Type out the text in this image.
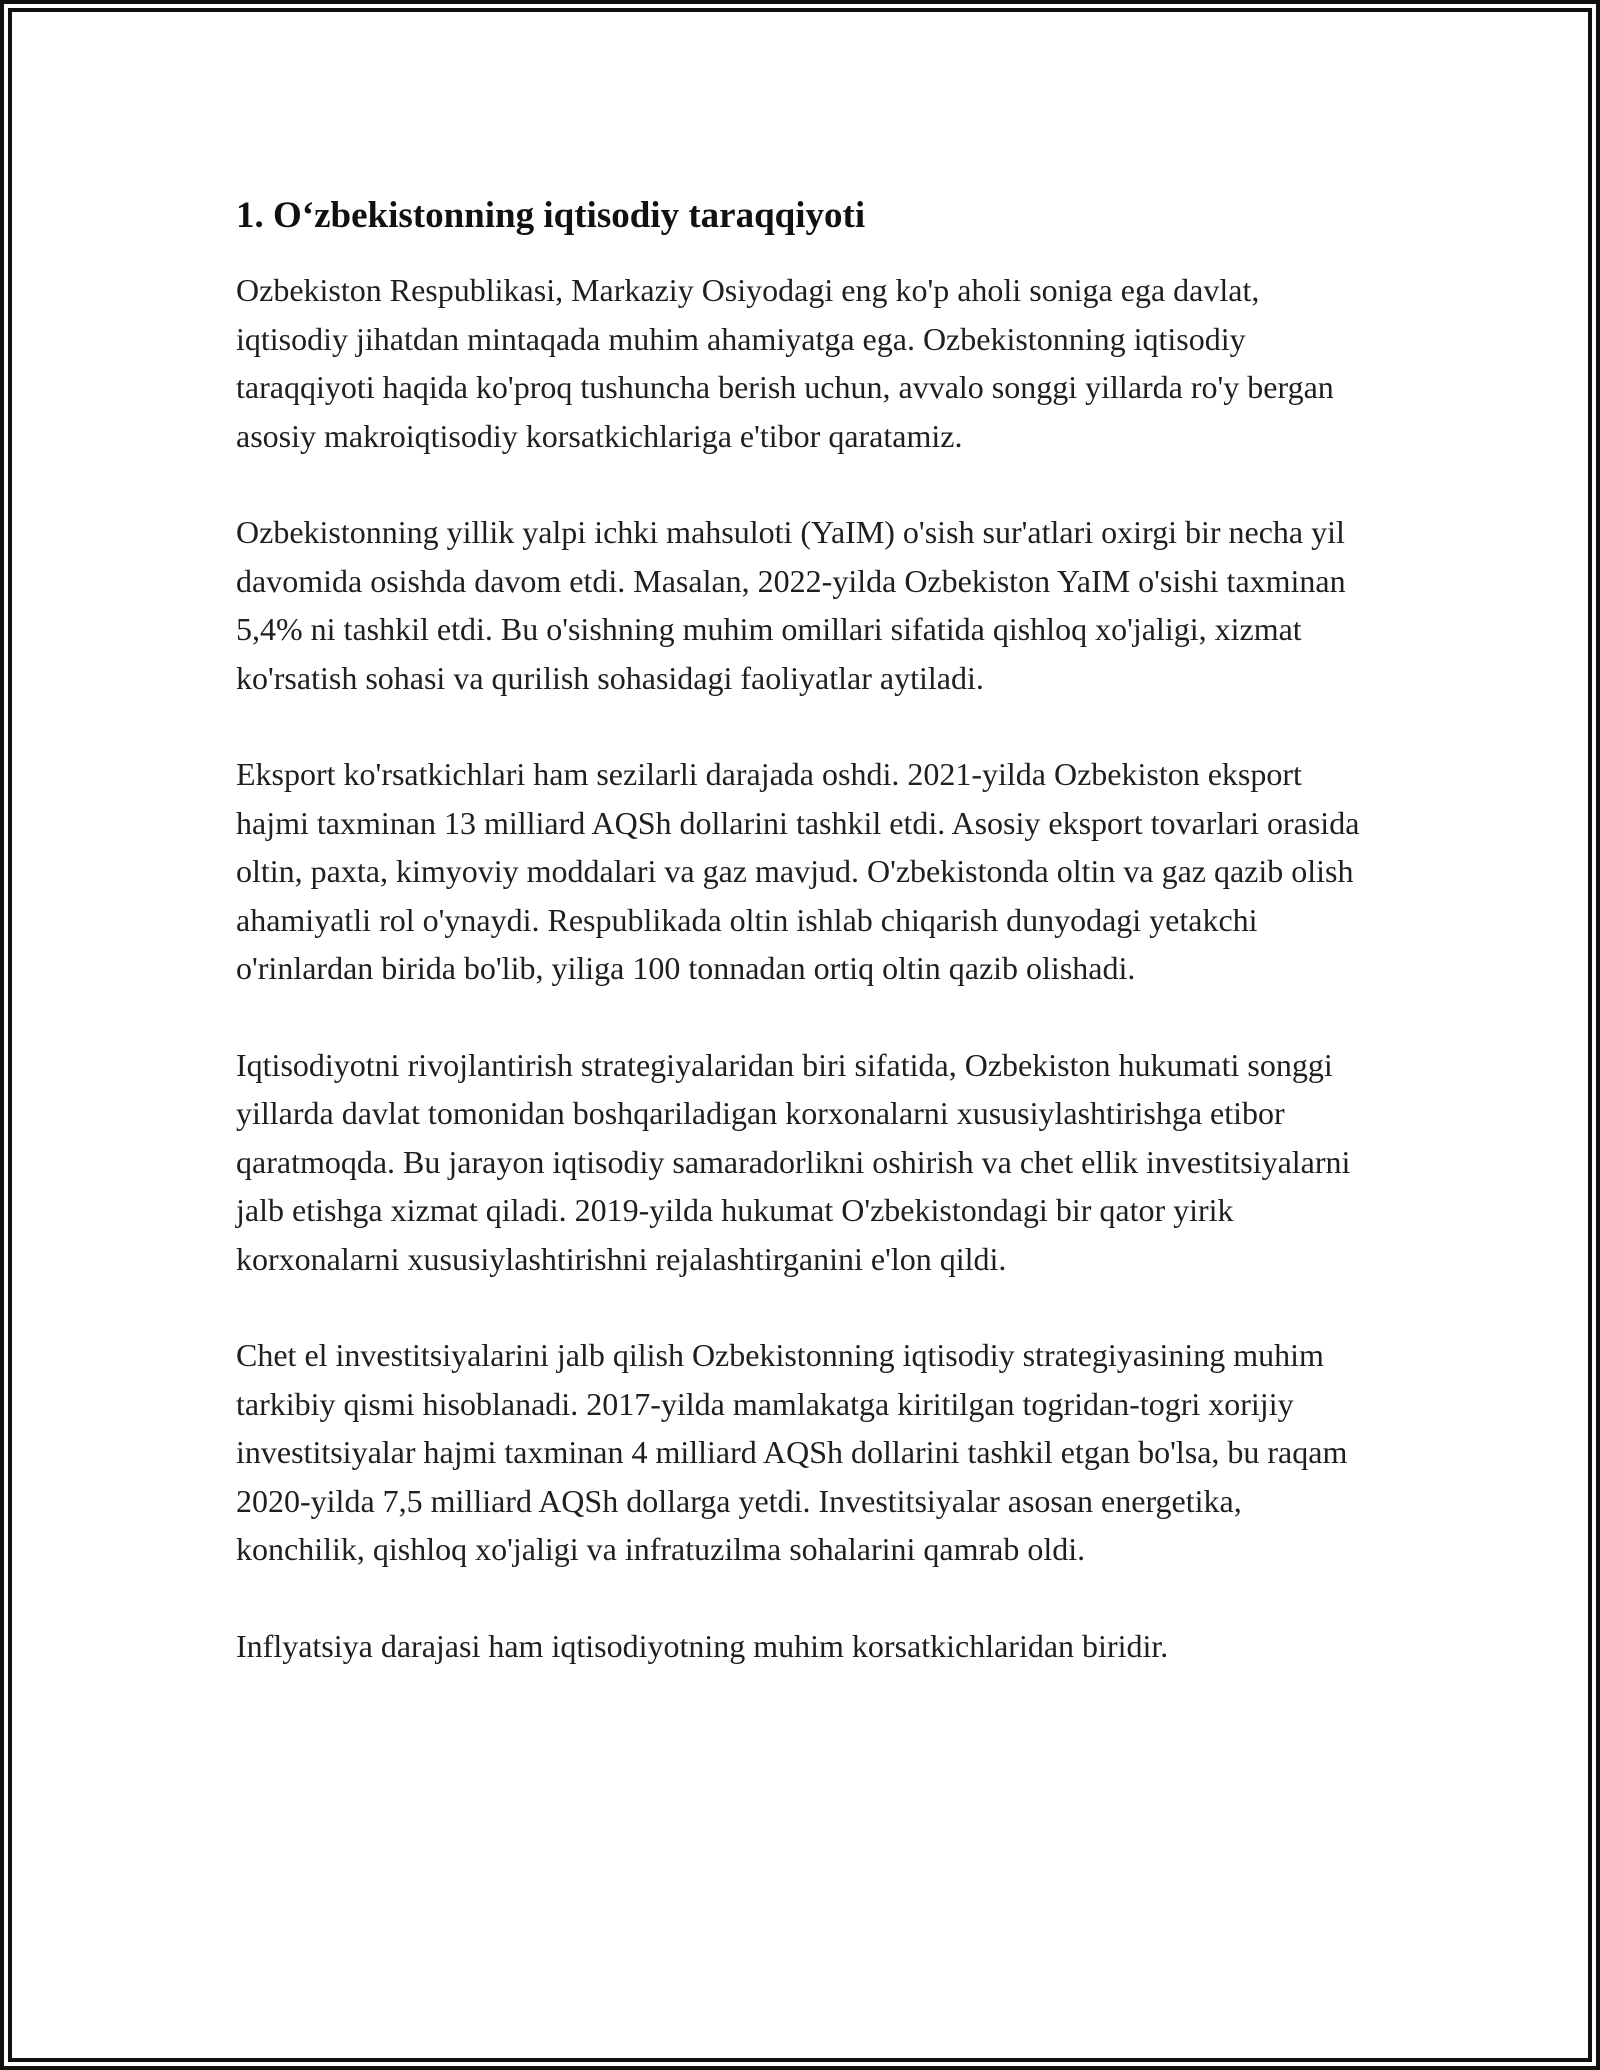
1. O‘zbekistonning iqtisodiy taraqqiyoti

Ozbekiston Respublikasi, Markaziy Osiyodagi eng ko'p aholi soniga ega davlat, iqtisodiy jihatdan mintaqada muhim ahamiyatga ega. Ozbekistonning iqtisodiy taraqqiyoti haqida ko'proq tushuncha berish uchun, avvalo songgi yillarda ro'y bergan asosiy makroiqtisodiy korsatkichlariga e'tibor qaratamiz.

Ozbekistonning yillik yalpi ichki mahsuloti (YaIM) o'sish sur'atlari oxirgi bir necha yil davomida osishda davom etdi. Masalan, 2022-yilda Ozbekiston YaIM o'sishi taxminan 5,4% ni tashkil etdi. Bu o'sishning muhim omillari sifatida qishloq xo'jaligi, xizmat ko'rsatish sohasi va qurilish sohasidagi faoliyatlar aytiladi.

Eksport ko'rsatkichlari ham sezilarli darajada oshdi. 2021-yilda Ozbekiston eksport hajmi taxminan 13 milliard AQSh dollarini tashkil etdi. Asosiy eksport tovarlari orasida oltin, paxta, kimyoviy moddalari va gaz mavjud. O'zbekistonda oltin va gaz qazib olish ahamiyatli rol o'ynaydi. Respublikada oltin ishlab chiqarish dunyodagi yetakchi o'rinlardan birida bo'lib, yiliga 100 tonnadan ortiq oltin qazib olishadi.

Iqtisodiyotni rivojlantirish strategiyalaridan biri sifatida, Ozbekiston hukumati songgi yillarda davlat tomonidan boshqariladigan korxonalarni xususiylashtirishga etibor qaratmoqda. Bu jarayon iqtisodiy samaradorlikni oshirish va chet ellik investitsiyalarni jalb etishga xizmat qiladi. 2019-yilda hukumat O'zbekistondagi bir qator yirik korxonalarni xususiylashtirishni rejalashtirganini e'lon qildi.

Chet el investitsiyalarini jalb qilish Ozbekistonning iqtisodiy strategiyasining muhim tarkibiy qismi hisoblanadi. 2017-yilda mamlakatga kiritilgan togridan-togri xorijiy investitsiyalar hajmi taxminan 4 milliard AQSh dollarini tashkil etgan bo'lsa, bu raqam 2020-yilda 7,5 milliard AQSh dollarga yetdi. Investitsiyalar asosan energetika, konchilik, qishloq xo'jaligi va infratuzilma sohalarini qamrab oldi.

Inflyatsiya darajasi ham iqtisodiyotning muhim korsatkichlaridan biridir.
